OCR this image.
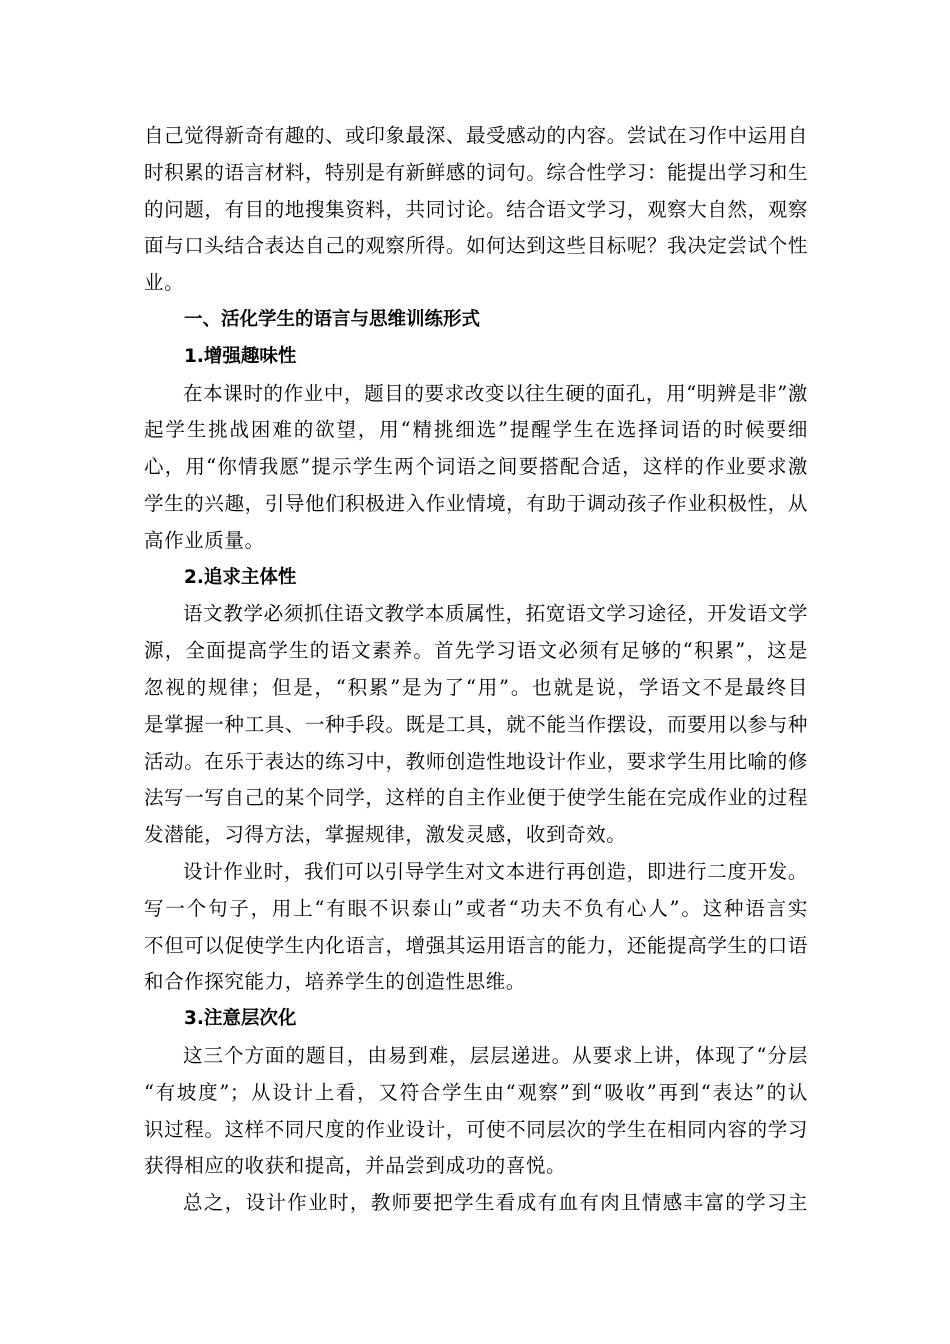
自己觉得新奇有趣的、或印象最深、最受感动的内容。尝试在习作中运用自
时积累的语言材料，特别是有新鲜感的词句。综合性学习：能提出学习和生
的问题，有目的地搜集资料，共同讨论。结合语文学习，观察大自然，观察
面与口头结合表达自己的观察所得。如何达到这些目标呢？我决定尝试个性
业。
一、活化学生的语言与思维训练形式
1.增强趣味性
在本课时的作业中，题目的要求改变以往生硬的面孔，用“明辨是非”激
起学生挑战困难的欲望，用“精挑细选”提醒学生在选择词语的时候要细
心，用“你情我愿”提示学生两个词语之间要搭配合适，这样的作业要求激
学生的兴趣，引导他们积极进入作业情境，有助于调动孩子作业积极性，从
高作业质量。
2.追求主体性
语文教学必须抓住语文教学本质属性，拓宽语文学习途径，开发语文学
源，全面提高学生的语文素养。首先学习语文必须有足够的“积累”，这是
忽视的规律；但是，“积累”是为了“用”。也就是说，学语文不是最终目
是掌握一种工具、一种手段。既是工具，就不能当作摆设，而要用以参与种
活动。在乐于表达的练习中，教师创造性地设计作业，要求学生用比喻的修
法写一写自己的某个同学，这样的自主作业便于使学生能在完成作业的过程
发潜能，习得方法，掌握规律，激发灵感，收到奇效。
设计作业时，我们可以引导学生对文本进行再创造，即进行二度开发。
写一个句子，用上“有眼不识泰山”或者“功夫不负有心人”。这种语言实
不但可以促使学生内化语言，增强其运用语言的能力，还能提高学生的口语
和合作探究能力，培养学生的创造性思维。
3.注意层次化
这三个方面的题目，由易到难，层层递进。从要求上讲，体现了“分层
“有坡度”；从设计上看，又符合学生由“观察”到“吸收”再到“表达”的认
识过程。这样不同尺度的作业设计，可使不同层次的学生在相同内容的学习
获得相应的收获和提高，并品尝到成功的喜悦。
总之，设计作业时，教师要把学生看成有血有肉且情感丰富的学习主
